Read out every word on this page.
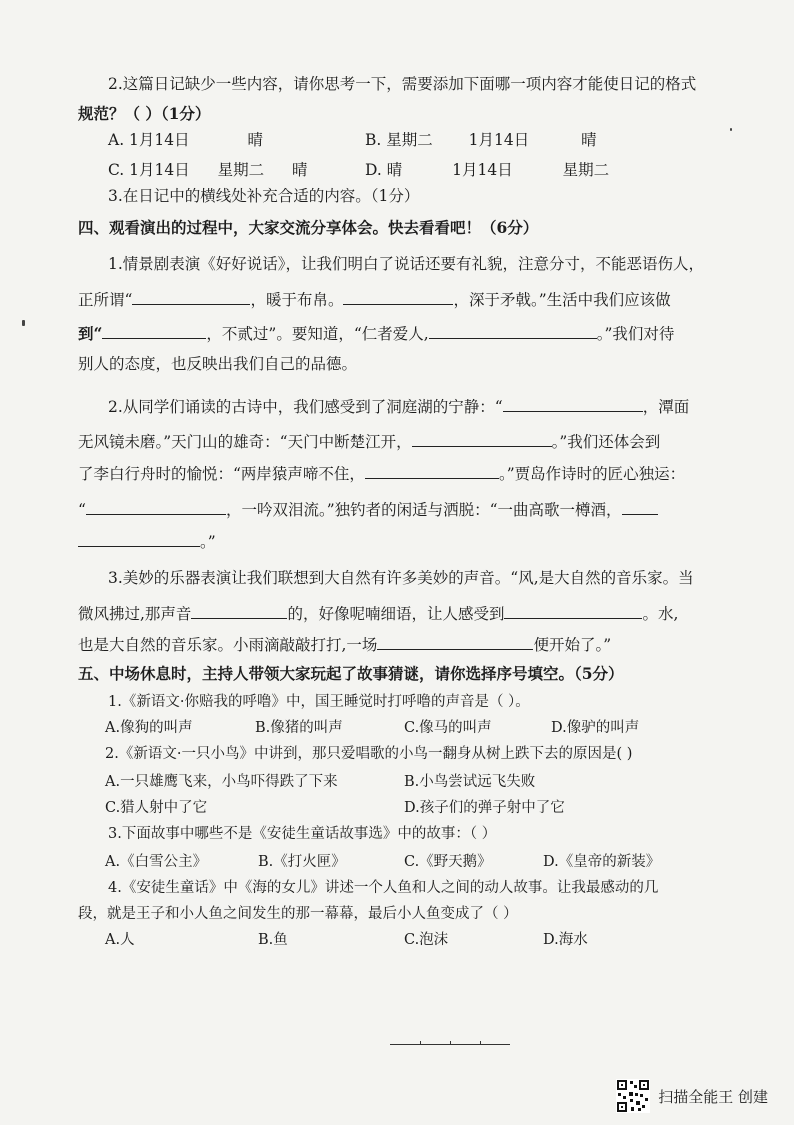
2.这篇日记缺少一些内容，请你思考一下，需要添加下面哪一项内容才能使日记的格式
规范？（ ）（1分）
A. 1月14日	晴	B. 星期二 1月14日	晴
C. 1月14日 星期二 晴	D. 晴	1月14日	星期二
3.在日记中的横线处补充合适的内容。（1分）
四、观看演出的过程中，大家交流分享体会。快去看看吧！（6分）
1.情景剧表演《好好说话》，让我们明白了说话还要有礼貌，注意分寸，不能恶语伤人，
正所谓“	，暖于布帛。	，深于矛戟。”生活中我们应该做
到“	，不贰过”。要知道，“仁者爱人,	。”我们对待
别人的态度，也反映出我们自己的品德。
2.从同学们诵读的古诗中，我们感受到了洞庭湖的宁静：“	，潭面
无风镜未磨。”天门山的雄奇：“天门中断楚江开，	。”我们还体会到
了李白行舟时的愉悦：“两岸猿声啼不住，	。”贾岛作诗时的匠心独运：
“	，一吟双泪流。”独钓者的闲适与洒脱：“一曲高歌一樽酒，
。”
3.美妙的乐器表演让我们联想到大自然有许多美妙的声音。“风,是大自然的音乐家。当
微风拂过,那声音	的，好像呢喃细语，让人感受到	。水,
也是大自然的音乐家。小雨滴敲敲打打,一场	便开始了。”
五、中场休息时，主持人带领大家玩起了故事猜谜，请你选择序号填空。（5分）
1.《新语文·你赔我的呼噜》中，国王睡觉时打呼噜的声音是（ ）。
A.像狗的叫声	B.像猪的叫声	C.像马的叫声	D.像驴的叫声
2.《新语文·一只小鸟》中讲到，那只爱唱歌的小鸟一翻身从树上跌下去的原因是( )
A.一只雄鹰飞来，小鸟吓得跌了下来	B.小鸟尝试远飞失败
C.猎人射中了它	D.孩子们的弹子射中了它
3.下面故事中哪些不是《安徒生童话故事选》中的故事：（ ）
A.《白雪公主》	B.《打火匣》	C.《野天鹅》	D.《皇帝的新装》
4.《安徒生童话》中《海的女儿》讲述一个人鱼和人之间的动人故事。让我最感动的几
段，就是王子和小人鱼之间发生的那一幕幕，最后小人鱼变成了（ ）
A.人	B.鱼	C.泡沫	D.海水
扫描全能王 创建
